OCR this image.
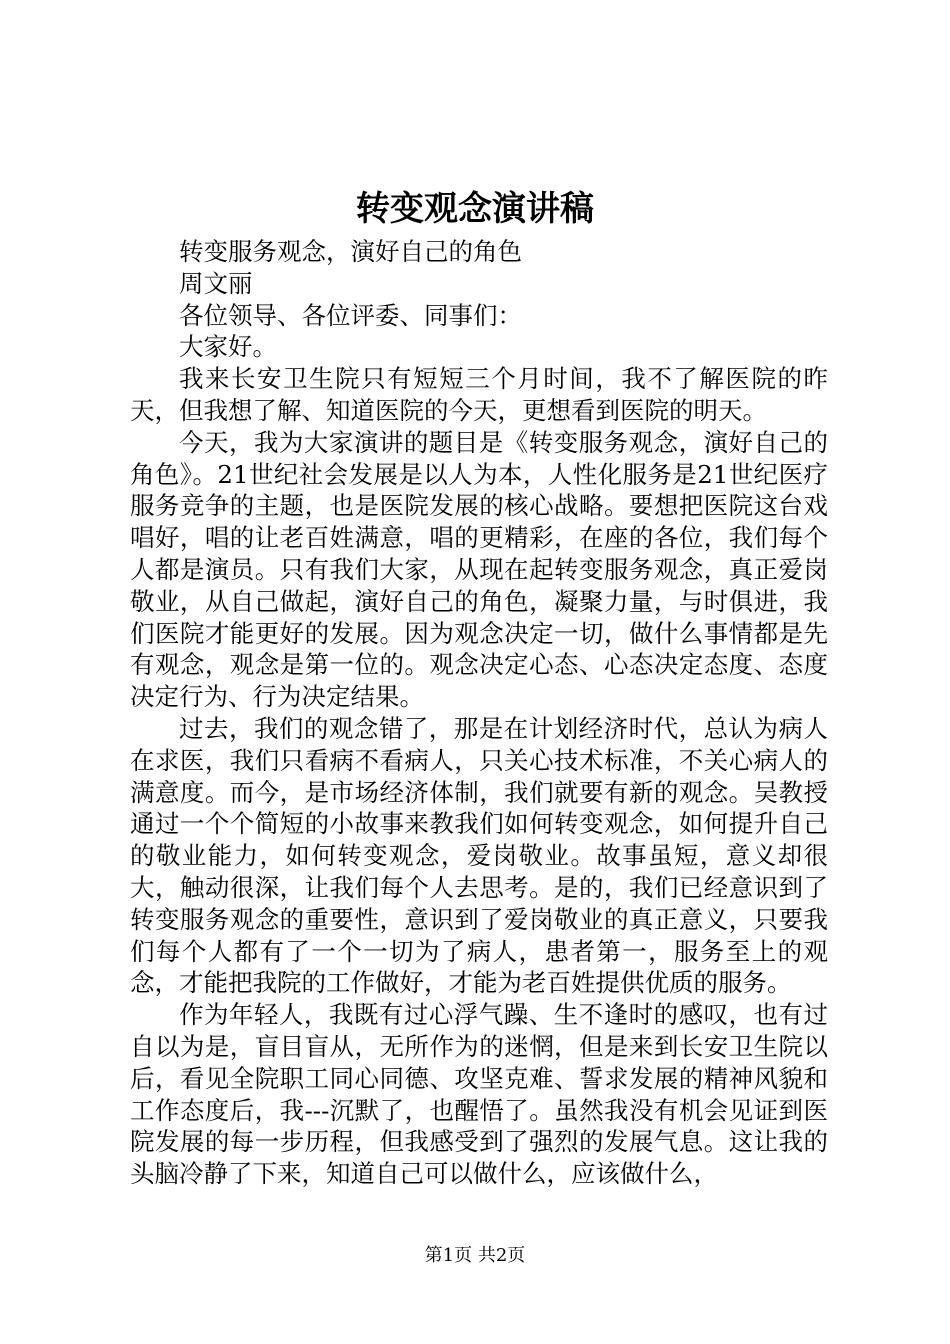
转变观念演讲稿

转变服务观念，演好自己的角色

周文丽

各位领导、各位评委、同事们：

大家好。

我来长安卫生院只有短短三个月时间，我不了解医院的昨天，但我想了解、知道医院的今天，更想看到医院的明天。

今天，我为大家演讲的题目是《转变服务观念，演好自己的角色》。21世纪社会发展是以人为本，人性化服务是21世纪医疗服务竞争的主题，也是医院发展的核心战略。要想把医院这台戏唱好，唱的让老百姓满意，唱的更精彩，在座的各位，我们每个人都是演员。只有我们大家，从现在起转变服务观念，真正爱岗敬业，从自己做起，演好自己的角色，凝聚力量，与时俱进，我们医院才能更好的发展。因为观念决定一切，做什么事情都是先有观念，观念是第一位的。观念决定心态、心态决定态度、态度决定行为、行为决定结果。

过去，我们的观念错了，那是在计划经济时代，总认为病人在求医，我们只看病不看病人，只关心技术标准，不关心病人的满意度。而今，是市场经济体制，我们就要有新的观念。吴教授通过一个个简短的小故事来教我们如何转变观念，如何提升自己的敬业能力，如何转变观念，爱岗敬业。故事虽短，意义却很大，触动很深，让我们每个人去思考。是的，我们已经意识到了转变服务观念的重要性，意识到了爱岗敬业的真正意义，只要我们每个人都有了一个一切为了病人，患者第一，服务至上的观念，才能把我院的工作做好，才能为老百姓提供优质的服务。

作为年轻人，我既有过心浮气躁、生不逢时的感叹，也有过自以为是，盲目盲从，无所作为的迷惘，但是来到长安卫生院以后，看见全院职工同心同德、攻坚克难、誓求发展的精神风貌和工作态度后，我---沉默了，也醒悟了。虽然我没有机会见证到医院发展的每一步历程，但我感受到了强烈的发展气息。这让我的头脑冷静了下来，知道自己可以做什么，应该做什么，

第1页 共2页
